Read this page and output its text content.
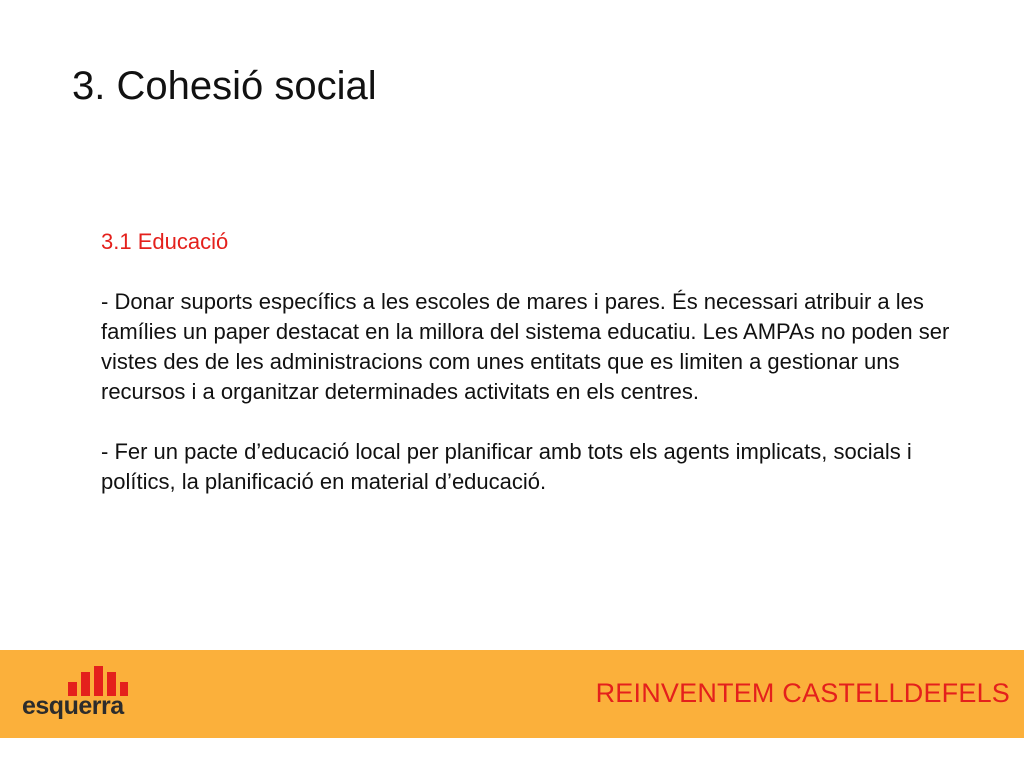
3. Cohesió social
3.1 Educació
- Donar suports específics a les escoles de mares i pares. És necessari atribuir a les famílies un paper destacat en la millora del sistema educatiu. Les AMPAs no poden ser vistes des de les administracions com unes entitats que es limiten a gestionar uns recursos i a organitzar determinades activitats en els centres.
- Fer un pacte d’educació local per planificar amb tots els agents implicats, socials i polítics, la planificació en material d’educació.
esquerra	REINVENTEM CASTELLDEFELS
